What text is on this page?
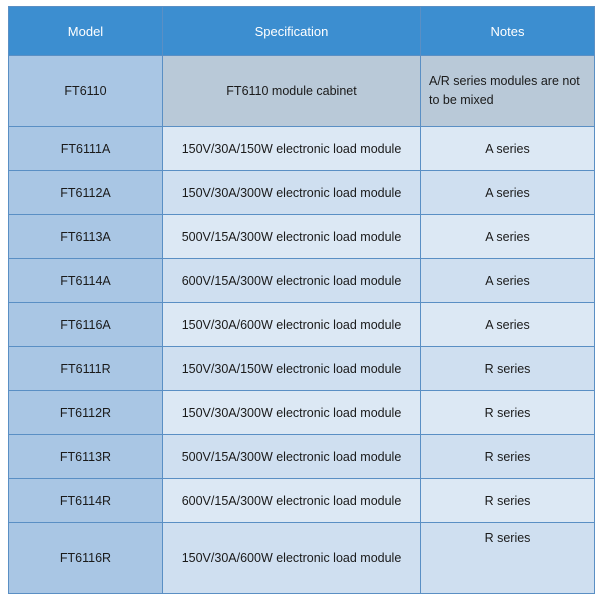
Model	Specification	Notes
FT6110	FT6110 module cabinet	A/R series modules are not to be mixed
FT6111A	150V/30A/150W electronic load module	A series
FT6112A	150V/30A/300W electronic load module	A series
FT6113A	500V/15A/300W electronic load module	A series
FT6114A	600V/15A/300W electronic load module	A series
FT6116A	150V/30A/600W electronic load module	A series
FT6111R	150V/30A/150W electronic load module	R series
FT6112R	150V/30A/300W electronic load module	R series
FT6113R	500V/15A/300W electronic load module	R series
FT6114R	600V/15A/300W electronic load module	R series
FT6116R	150V/30A/600W electronic load module	R series
